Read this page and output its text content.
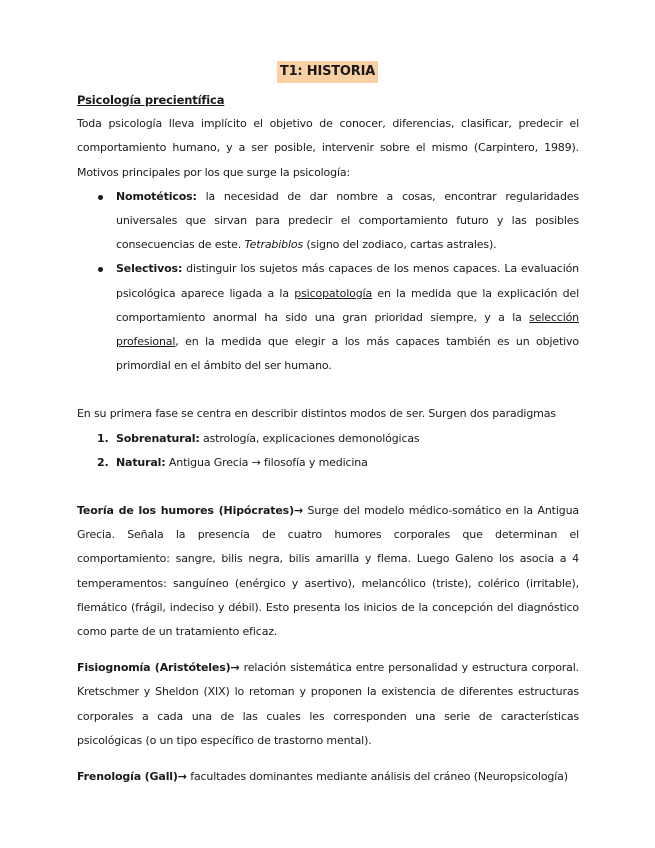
T1: HISTORIA

Psicología precientífica

Toda psicología lleva implícito el objetivo de conocer, diferencias, clasificar, predecir el comportamiento humano, y a ser posible, intervenir sobre el mismo (Carpintero, 1989). Motivos principales por los que surge la psicología:

Nomotéticos: la necesidad de dar nombre a cosas, encontrar regularidades universales que sirvan para predecir el comportamiento futuro y las posibles consecuencias de este. Tetrabiblos (signo del zodiaco, cartas astrales).
Selectivos: distinguir los sujetos más capaces de los menos capaces. La evaluación psicológica aparece ligada a la psicopatología en la medida que la explicación del comportamiento anormal ha sido una gran prioridad siempre, y a la selección profesional, en la medida que elegir a los más capaces también es un objetivo primordial en el ámbito del ser humano.

En su primera fase se centra en describir distintos modos de ser. Surgen dos paradigmas

1. Sobrenatural: astrología, explicaciones demonológicas
2. Natural: Antigua Grecia → filosofía y medicina

Teoría de los humores (Hipócrates)→ Surge del modelo médico-somático en la Antigua Grecia. Señala la presencia de cuatro humores corporales que determinan el comportamiento: sangre, bilis negra, bilis amarilla y flema. Luego Galeno los asocia a 4 temperamentos: sanguíneo (enérgico y asertivo), melancólico (triste), colérico (irritable), flemático (frágil, indeciso y débil). Esto presenta los inicios de la concepción del diagnóstico como parte de un tratamiento eficaz.

Fisiognomía (Aristóteles)→ relación sistemática entre personalidad y estructura corporal. Kretschmer y Sheldon (XIX) lo retoman y proponen la existencia de diferentes estructuras corporales a cada una de las cuales les corresponden una serie de características psicológicas (o un tipo específico de trastorno mental).

Frenología (Gall)→ facultades dominantes mediante análisis del cráneo (Neuropsicología)
